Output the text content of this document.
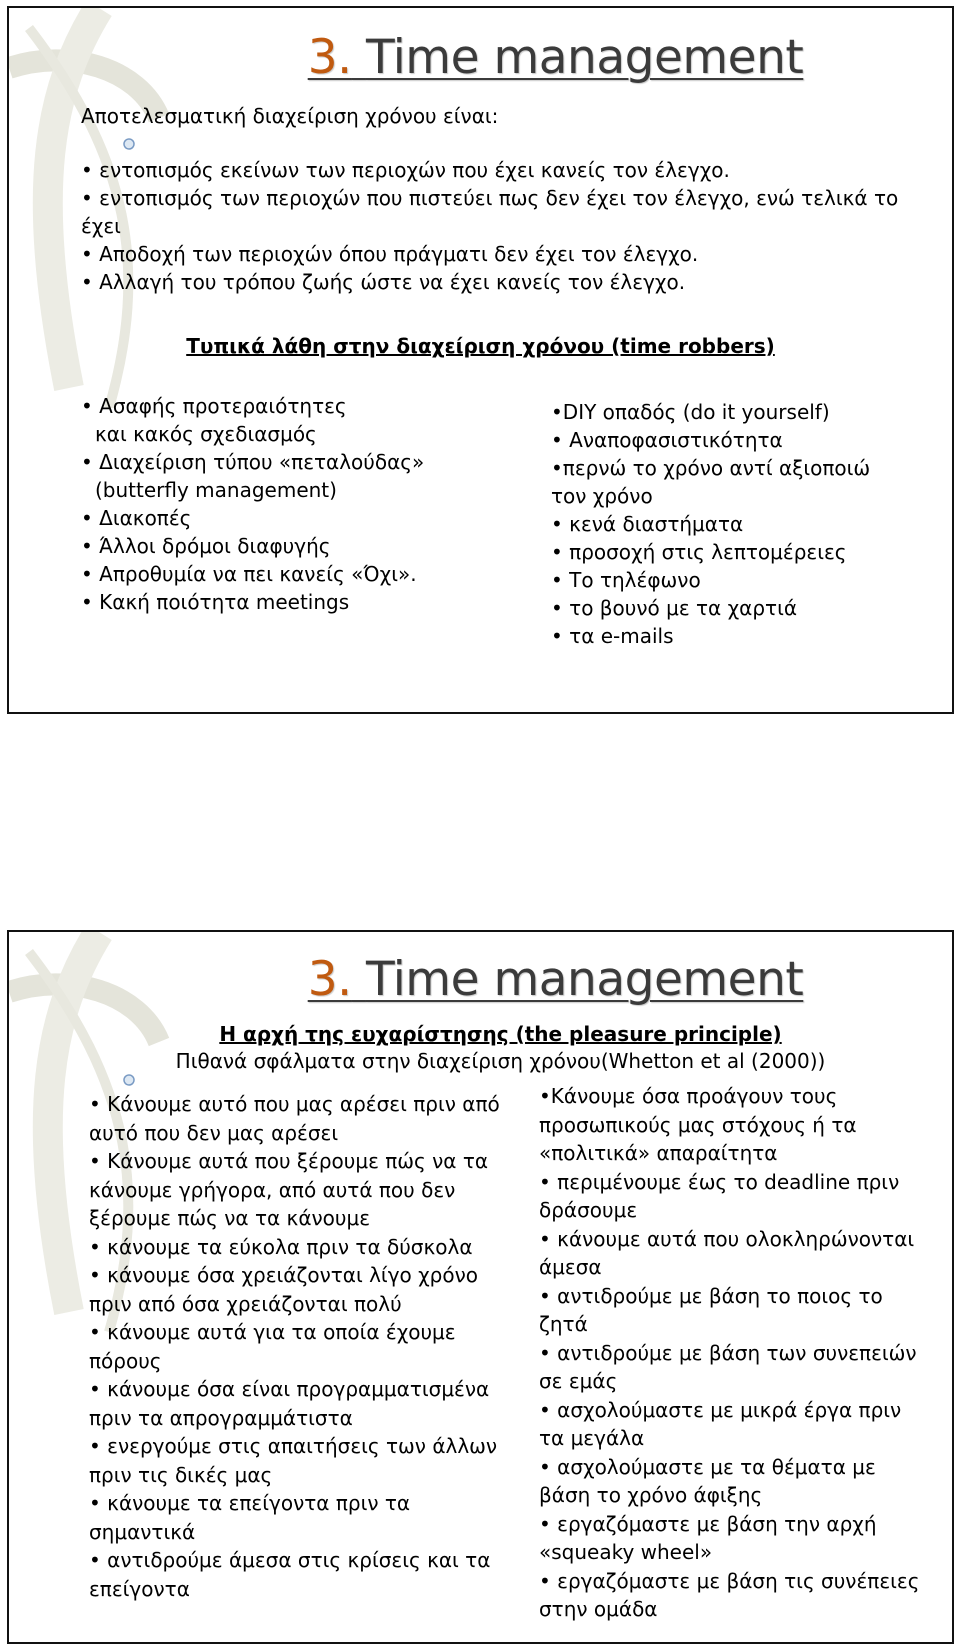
3. Time management
Αποτελεσματική διαχείριση χρόνου είναι:
• εντοπισμός εκείνων των περιοχών που έχει κανείς τον έλεγχο.
• εντοπισμός των περιοχών που πιστεύει πως δεν έχει τον έλεγχο, ενώ τελικά το
έχει
• Αποδοχή των περιοχών όπου πράγματι δεν έχει τον έλεγχο.
• Αλλαγή του τρόπου ζωής ώστε να έχει κανείς τον έλεγχο.
Τυπικά λάθη στην διαχείριση χρόνου (time robbers)
• Ασαφής προτεραιότητες
και κακός σχεδιασμός
• Διαχείριση τύπου «πεταλούδας»
(butterfly management)
• Διακοπές
• Άλλοι δρόμοι διαφυγής
• Απροθυμία να πει κανείς «Όχι».
• Κακή ποιότητα meetings
•DIY οπαδός (do it yourself)
• Αναποφασιστικότητα
•περνώ το χρόνο αντί αξιοποιώ
τον χρόνο
• κενά διαστήματα
• προσοχή στις λεπτομέρειες
• Το τηλέφωνο
• το βουνό με τα χαρτιά
• τα e-mails
3. Time management
Η αρχή της ευχαρίστησης (the pleasure principle)
Πιθανά σφάλματα στην διαχείριση χρόνου(Whetton et al (2000))
• Κάνουμε αυτό που μας αρέσει πριν από
αυτό που δεν μας αρέσει
• Κάνουμε αυτά που ξέρουμε πώς να τα
κάνουμε γρήγορα, από αυτά που δεν
ξέρουμε πώς να τα κάνουμε
• κάνουμε τα εύκολα πριν τα δύσκολα
• κάνουμε όσα χρειάζονται λίγο χρόνο
πριν από όσα χρειάζονται πολύ
• κάνουμε αυτά για τα οποία έχουμε
πόρους
• κάνουμε όσα είναι προγραμματισμένα
πριν τα απρογραμμάτιστα
• ενεργούμε στις απαιτήσεις των άλλων
πριν τις δικές μας
• κάνουμε τα επείγοντα πριν τα
σημαντικά
• αντιδρούμε άμεσα στις κρίσεις και τα
επείγοντα
•Κάνουμε όσα προάγουν τους
προσωπικούς μας στόχους ή τα
«πολιτικά» απαραίτητα
• περιμένουμε έως το deadline πριν
δράσουμε
• κάνουμε αυτά που ολοκληρώνονται
άμεσα
• αντιδρούμε με βάση το ποιος το
ζητά
• αντιδρούμε με βάση των συνεπειών
σε εμάς
• ασχολούμαστε με μικρά έργα πριν
τα μεγάλα
• ασχολούμαστε με τα θέματα με
βάση το χρόνο άφιξης
• εργαζόμαστε με βάση την αρχή
«squeaky wheel»
• εργαζόμαστε με βάση τις συνέπειες
στην ομάδα
